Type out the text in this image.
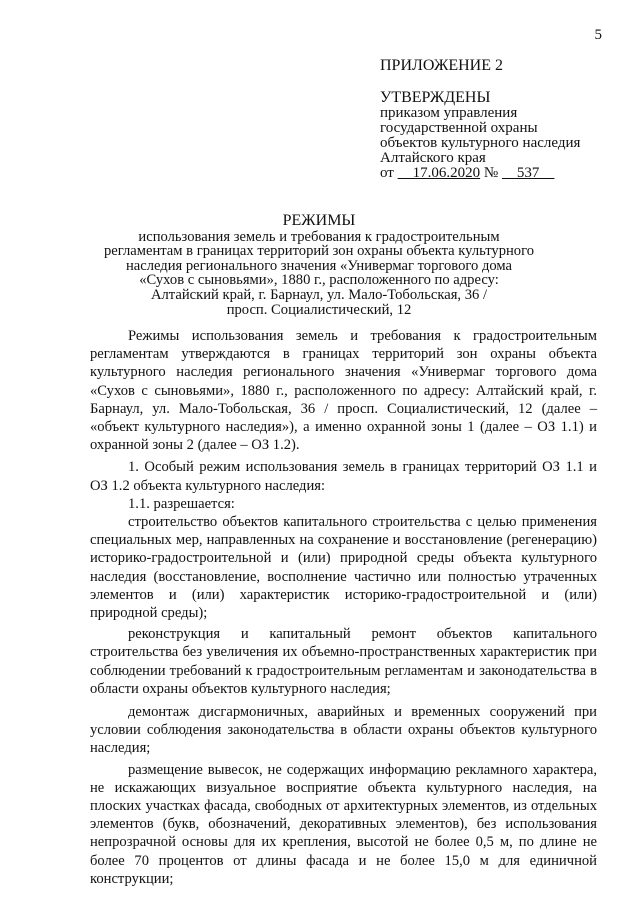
5
ПРИЛОЖЕНИЕ 2
УТВЕРЖДЕНЫ
приказом управления
государственной охраны
объектов культурного наследия
Алтайского края
от     17.06.2020 №     537
РЕЖИМЫ
использования земель и требования к градостроительным
регламентам в границах территорий зон охраны объекта культурного
наследия регионального значения «Универмаг торгового дома
«Сухов с сыновьями», 1880 г., расположенного по адресу:
Алтайский край, г. Барнаул, ул. Мало-Тобольская, 36 /
просп. Социалистический, 12

Режимы использования земель и требования к градостроительным регламентам утверждаются в границах территорий зон охраны объекта культурного наследия регионального значения «Универмаг торгового дома «Сухов с сыновьями», 1880 г., расположенного по адресу: Алтайский край, г. Барнаул, ул. Мало-Тобольская, 36 / просп. Социалистический, 12 (далее – «объект культурного наследия»), а именно охранной зоны 1 (далее – ОЗ 1.1) и охранной зоны 2 (далее – ОЗ 1.2).

1. Особый режим использования земель в границах территорий ОЗ 1.1 и ОЗ 1.2 объекта культурного наследия:

1.1. разрешается:

строительство объектов капитального строительства с целью применения специальных мер, направленных на сохранение и восстановление (регенерацию) историко-градостроительной и (или) природной среды объекта культурного наследия (восстановление, восполнение частично или полностью утраченных элементов и (или) характеристик историко-градостроительной и (или) природной среды);

реконструкция и капитальный ремонт объектов капитального строительства без увеличения их объемно-пространственных характеристик при соблюдении требований к градостроительным регламентам и законодательства в области охраны объектов культурного наследия;

демонтаж дисгармоничных, аварийных и временных сооружений при условии соблюдения законодательства в области охраны объектов культурного наследия;

размещение вывесок, не содержащих информацию рекламного характера, не искажающих визуальное восприятие объекта культурного наследия, на плоских участках фасада, свободных от архитектурных элементов, из отдельных элементов (букв, обозначений, декоративных элементов), без использования непрозрачной основы для их крепления, высотой не более 0,5 м, по длине не более 70 процентов от длины фасада и не более 15,0 м для единичной конструкции;
